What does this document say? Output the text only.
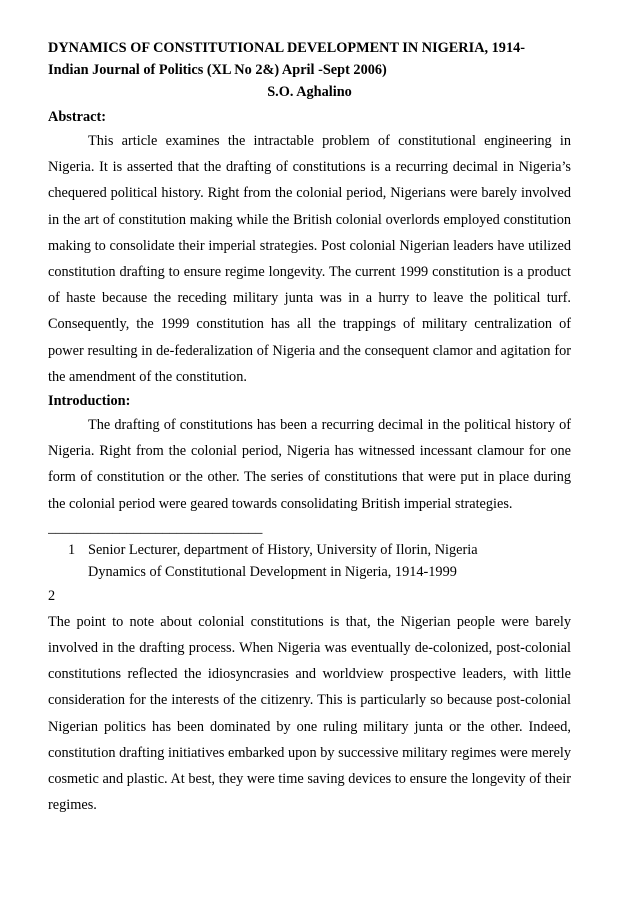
DYNAMICS OF CONSTITUTIONAL DEVELOPMENT IN NIGERIA, 1914-
Indian Journal of Politics (XL No 2&) April -Sept 2006)
S.O. Aghalino
Abstract:

This article examines the intractable problem of constitutional engineering in Nigeria. It is asserted that the drafting of constitutions is a recurring decimal in Nigeria’s chequered political history. Right from the colonial period, Nigerians were barely involved in the art of constitution making while the British colonial overlords employed constitution making to consolidate their imperial strategies. Post colonial Nigerian leaders have utilized constitution drafting to ensure regime longevity. The current 1999 constitution is a product of haste because the receding military junta was in a hurry to leave the political turf. Consequently, the 1999 constitution has all the trappings of military centralization of power resulting in de-federalization of Nigeria and the consequent clamor and agitation for the amendment of the constitution.

Introduction:

The drafting of constitutions has been a recurring decimal in the political history of Nigeria. Right from the colonial period, Nigeria has witnessed incessant clamour for one form of constitution or the other. The series of constitutions that were put in place during the colonial period were geared towards consolidating British imperial strategies.

______________________________
1 Senior Lecturer, department of History, University of Ilorin, Nigeria
Dynamics of Constitutional Development in Nigeria, 1914-1999
2

The point to note about colonial constitutions is that, the Nigerian people were barely involved in the drafting process. When Nigeria was eventually de-colonized, post-colonial constitutions reflected the idiosyncrasies and worldview prospective leaders, with little consideration for the interests of the citizenry. This is particularly so because post-colonial Nigerian politics has been dominated by one ruling military junta or the other. Indeed, constitution drafting initiatives embarked upon by successive military regimes were merely cosmetic and plastic. At best, they were time saving devices to ensure the longevity of their regimes.
